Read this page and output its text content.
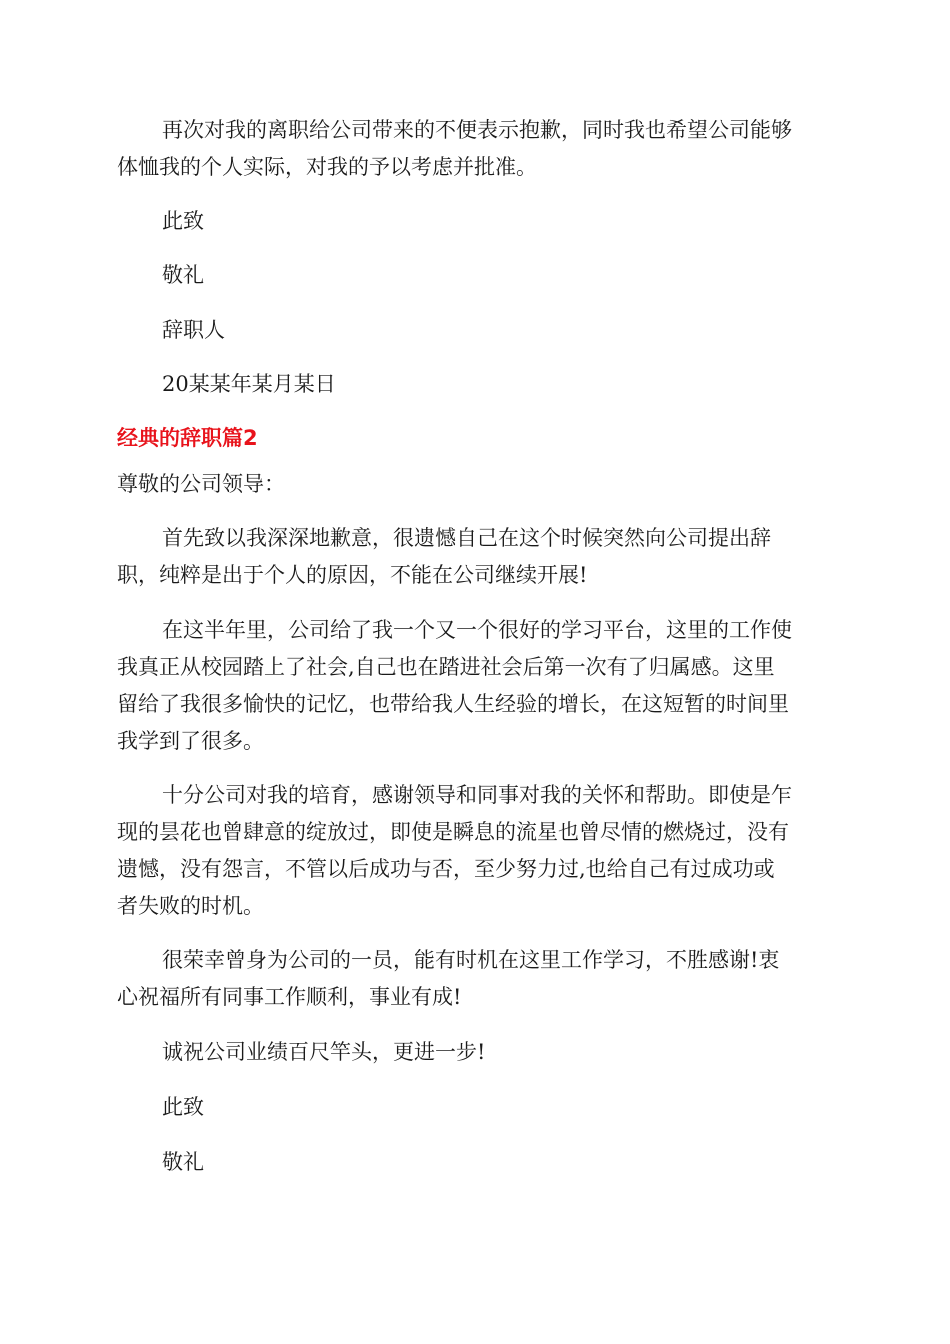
再次对我的离职给公司带来的不便表示抱歉，同时我也希望公司能够
体恤我的个人实际，对我的予以考虑并批准。

此致

敬礼

辞职人

20某某年某月某日

经典的辞职篇2

尊敬的公司领导：

首先致以我深深地歉意，很遗憾自己在这个时候突然向公司提出辞
职，纯粹是出于个人的原因，不能在公司继续开展!

在这半年里，公司给了我一个又一个很好的学习平台，这里的工作使
我真正从校园踏上了社会,自己也在踏进社会后第一次有了归属感。这里
留给了我很多愉快的记忆，也带给我人生经验的增长，在这短暂的时间里
我学到了很多。

十分公司对我的培育，感谢领导和同事对我的关怀和帮助。即使是乍
现的昙花也曾肆意的绽放过，即使是瞬息的流星也曾尽情的燃烧过，没有
遗憾，没有怨言，不管以后成功与否，至少努力过,也给自己有过成功或
者失败的时机。

很荣幸曾身为公司的一员，能有时机在这里工作学习，不胜感谢!衷
心祝福所有同事工作顺利，事业有成!

诚祝公司业绩百尺竿头，更进一步!

此致

敬礼
